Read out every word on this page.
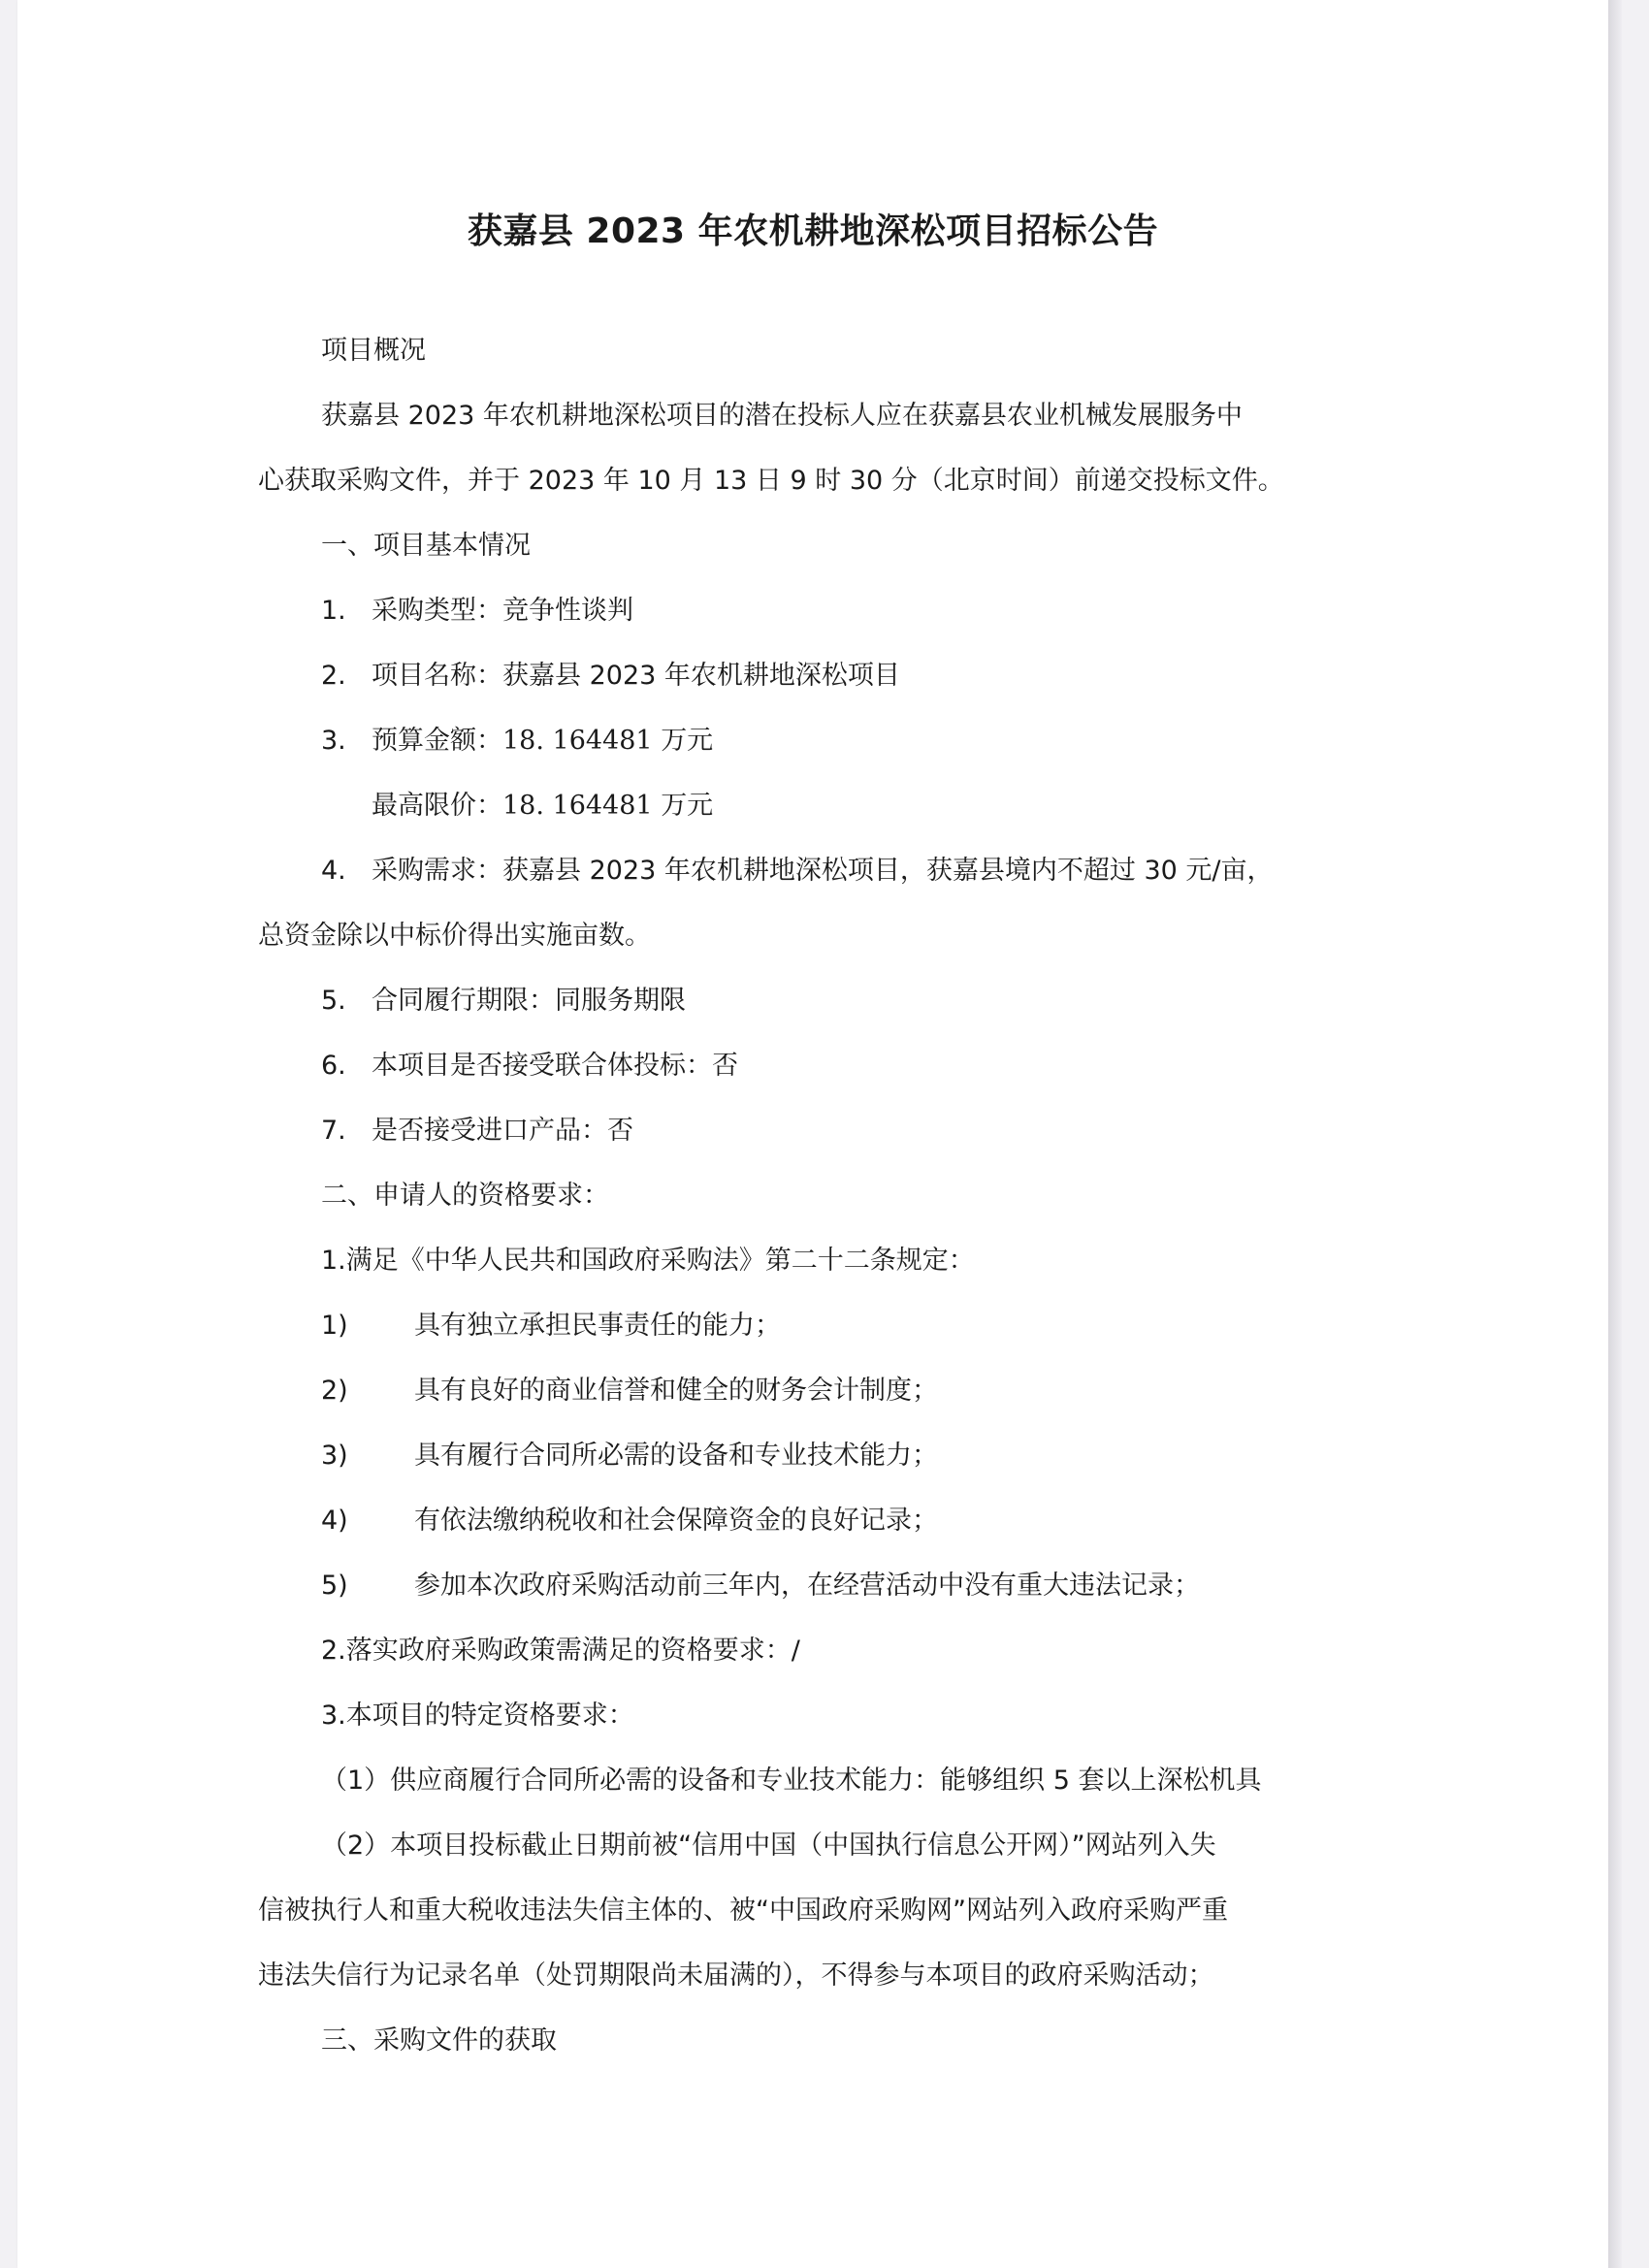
获嘉县 2023 年农机耕地深松项目招标公告
项目概况
获嘉县 2023 年农机耕地深松项目的潜在投标人应在获嘉县农业机械发展服务中
心获取采购文件，并于 2023 年 10 月 13 日 9 时 30 分（北京时间）前递交投标文件。
一、项目基本情况
1. 采购类型：竞争性谈判
2. 项目名称：获嘉县 2023 年农机耕地深松项目
3. 预算金额：18. 164481 万元
最高限价：18. 164481 万元
4. 采购需求：获嘉县 2023 年农机耕地深松项目，获嘉县境内不超过 30 元/亩，
总资金除以中标价得出实施亩数。
5. 合同履行期限：同服务期限
6. 本项目是否接受联合体投标：否
7. 是否接受进口产品：否
二、申请人的资格要求：
1.满足《中华人民共和国政府采购法》第二十二条规定：
1)	具有独立承担民事责任的能力；
2)	具有良好的商业信誉和健全的财务会计制度；
3)	具有履行合同所必需的设备和专业技术能力；
4)	有依法缴纳税收和社会保障资金的良好记录；
5)	参加本次政府采购活动前三年内，在经营活动中没有重大违法记录；
2.落实政府采购政策需满足的资格要求：/
3.本项目的特定资格要求：
（1）供应商履行合同所必需的设备和专业技术能力：能够组织 5 套以上深松机具
（2）本项目投标截止日期前被“信用中国（中国执行信息公开网）”网站列入失
信被执行人和重大税收违法失信主体的、被“中国政府采购网”网站列入政府采购严重
违法失信行为记录名单（处罚期限尚未届满的），不得参与本项目的政府采购活动；
三、采购文件的获取
